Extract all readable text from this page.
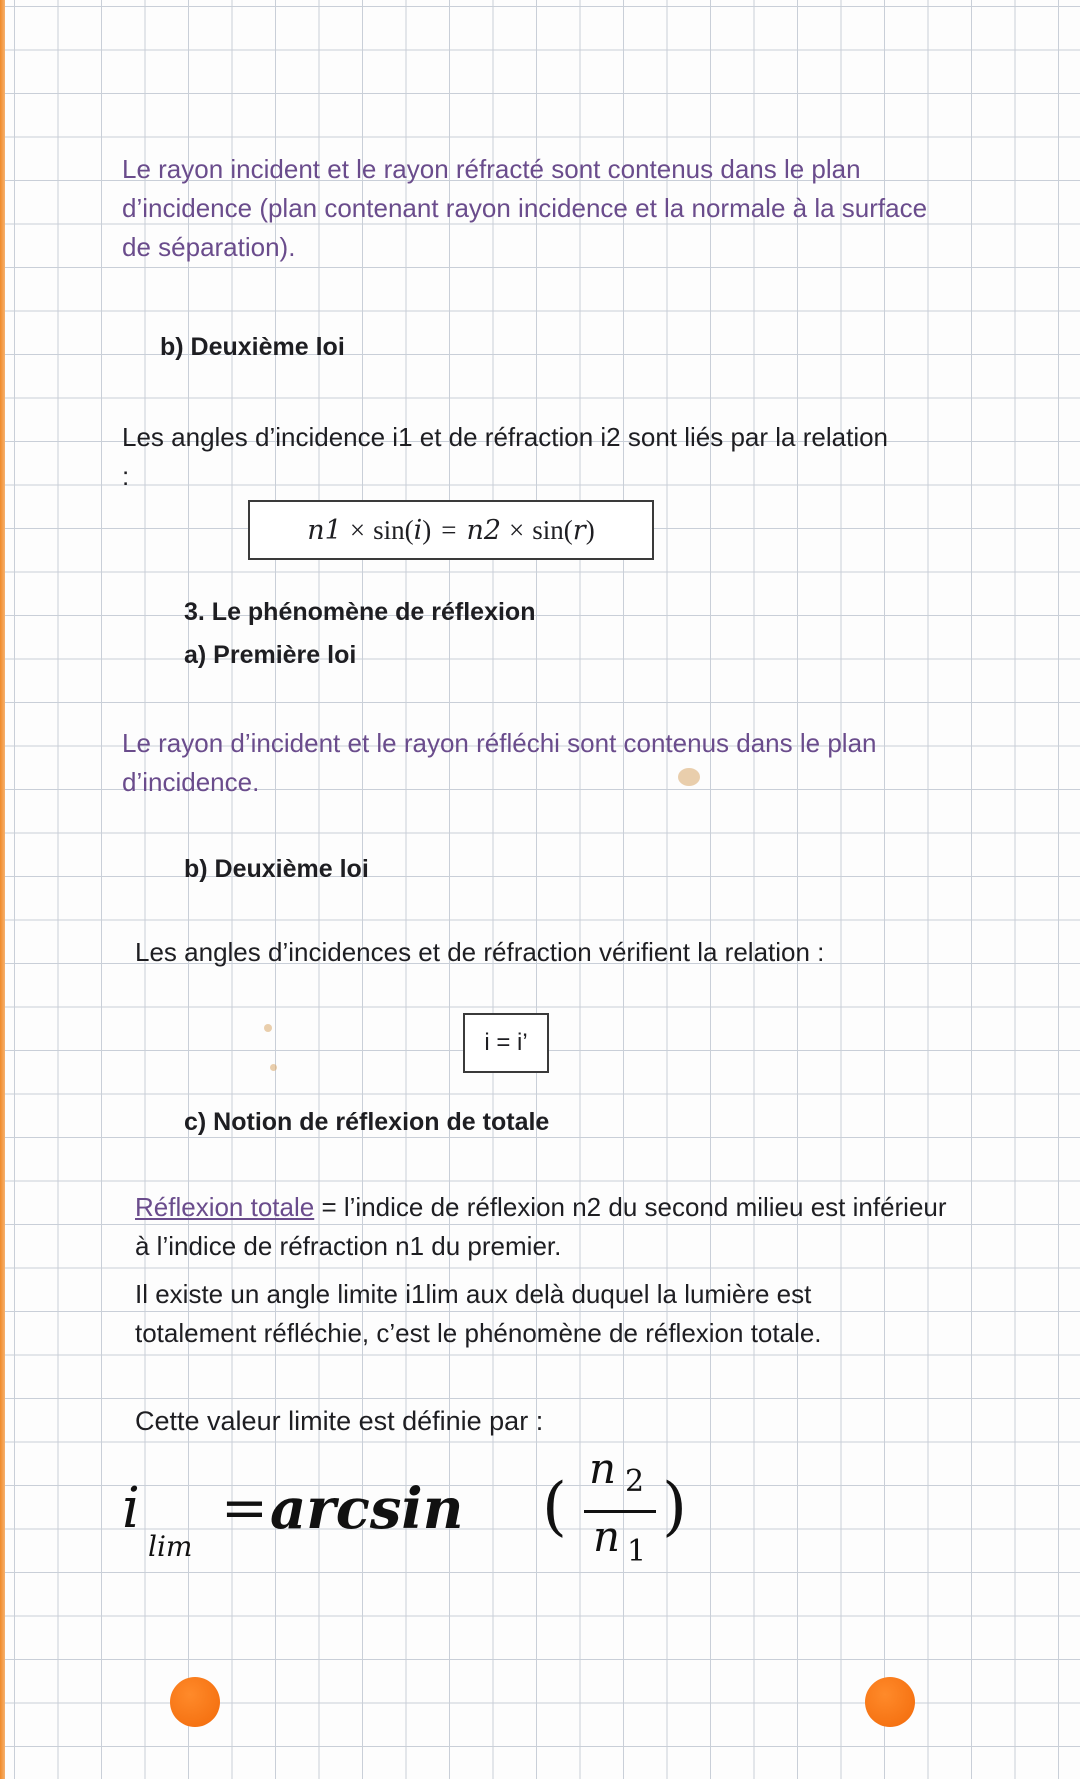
Le rayon incident et le rayon réfracté sont contenus dans le plan d’incidence (plan contenant rayon incidence et la normale à la surface de séparation).

b) Deuxième loi

Les angles d’incidence i1 et de réfraction i2 sont liés par la relation :

n1 × sin ( i ) = n2 × sin ( r )

3. Le phénomène de réflexion

a) Première loi

Le rayon d’incident et le rayon réfléchi sont contenus dans le plan d’incidence.

b) Deuxième loi

Les angles d’incidences et de réfraction vérifient la relation :

i = i’

c) Notion de réflexion de totale

Réflexion totale = l’indice de réflexion n2 du second milieu est inférieur à l’indice de réfraction n1 du premier.

Il existe un angle limite i1lim aux delà duquel la lumière est totalement réfléchie, c’est le phénomène de réflexion totale.

Cette valeur limite est définie par :

i
lim
= arcsin (
n 2
n 1
)
